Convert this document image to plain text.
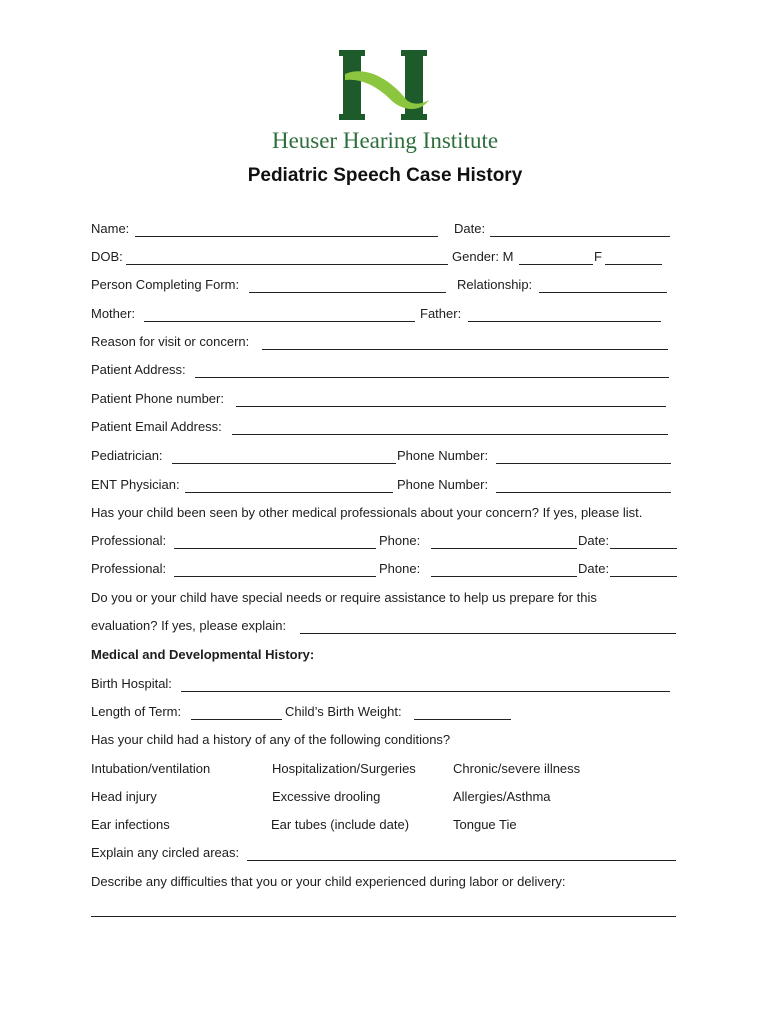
Heuser Hearing Institute
Pediatric Speech Case History
Name:	Date:
DOB:	Gender: M	F
Person Completing Form:	Relationship:
Mother:	Father:
Reason for visit or concern:
Patient Address:
Patient Phone number:
Patient Email Address:
Pediatrician:	Phone Number:
ENT Physician:	Phone Number:
Has your child been seen by other medical professionals about your concern? If yes, please list.
Professional:	Phone:	Date:
Professional:	Phone:	Date:
Do you or your child have special needs or require assistance to help us prepare for this
evaluation? If yes, please explain:
Medical and Developmental History:
Birth Hospital:
Length of Term:	Child’s Birth Weight:
Has your child had a history of any of the following conditions?
Intubation/ventilation	Hospitalization/Surgeries	Chronic/severe illness
Head injury	Excessive drooling	Allergies/Asthma
Ear infections	Ear tubes (include date)	Tongue Tie
Explain any circled areas:
Describe any difficulties that you or your child experienced during labor or delivery:
